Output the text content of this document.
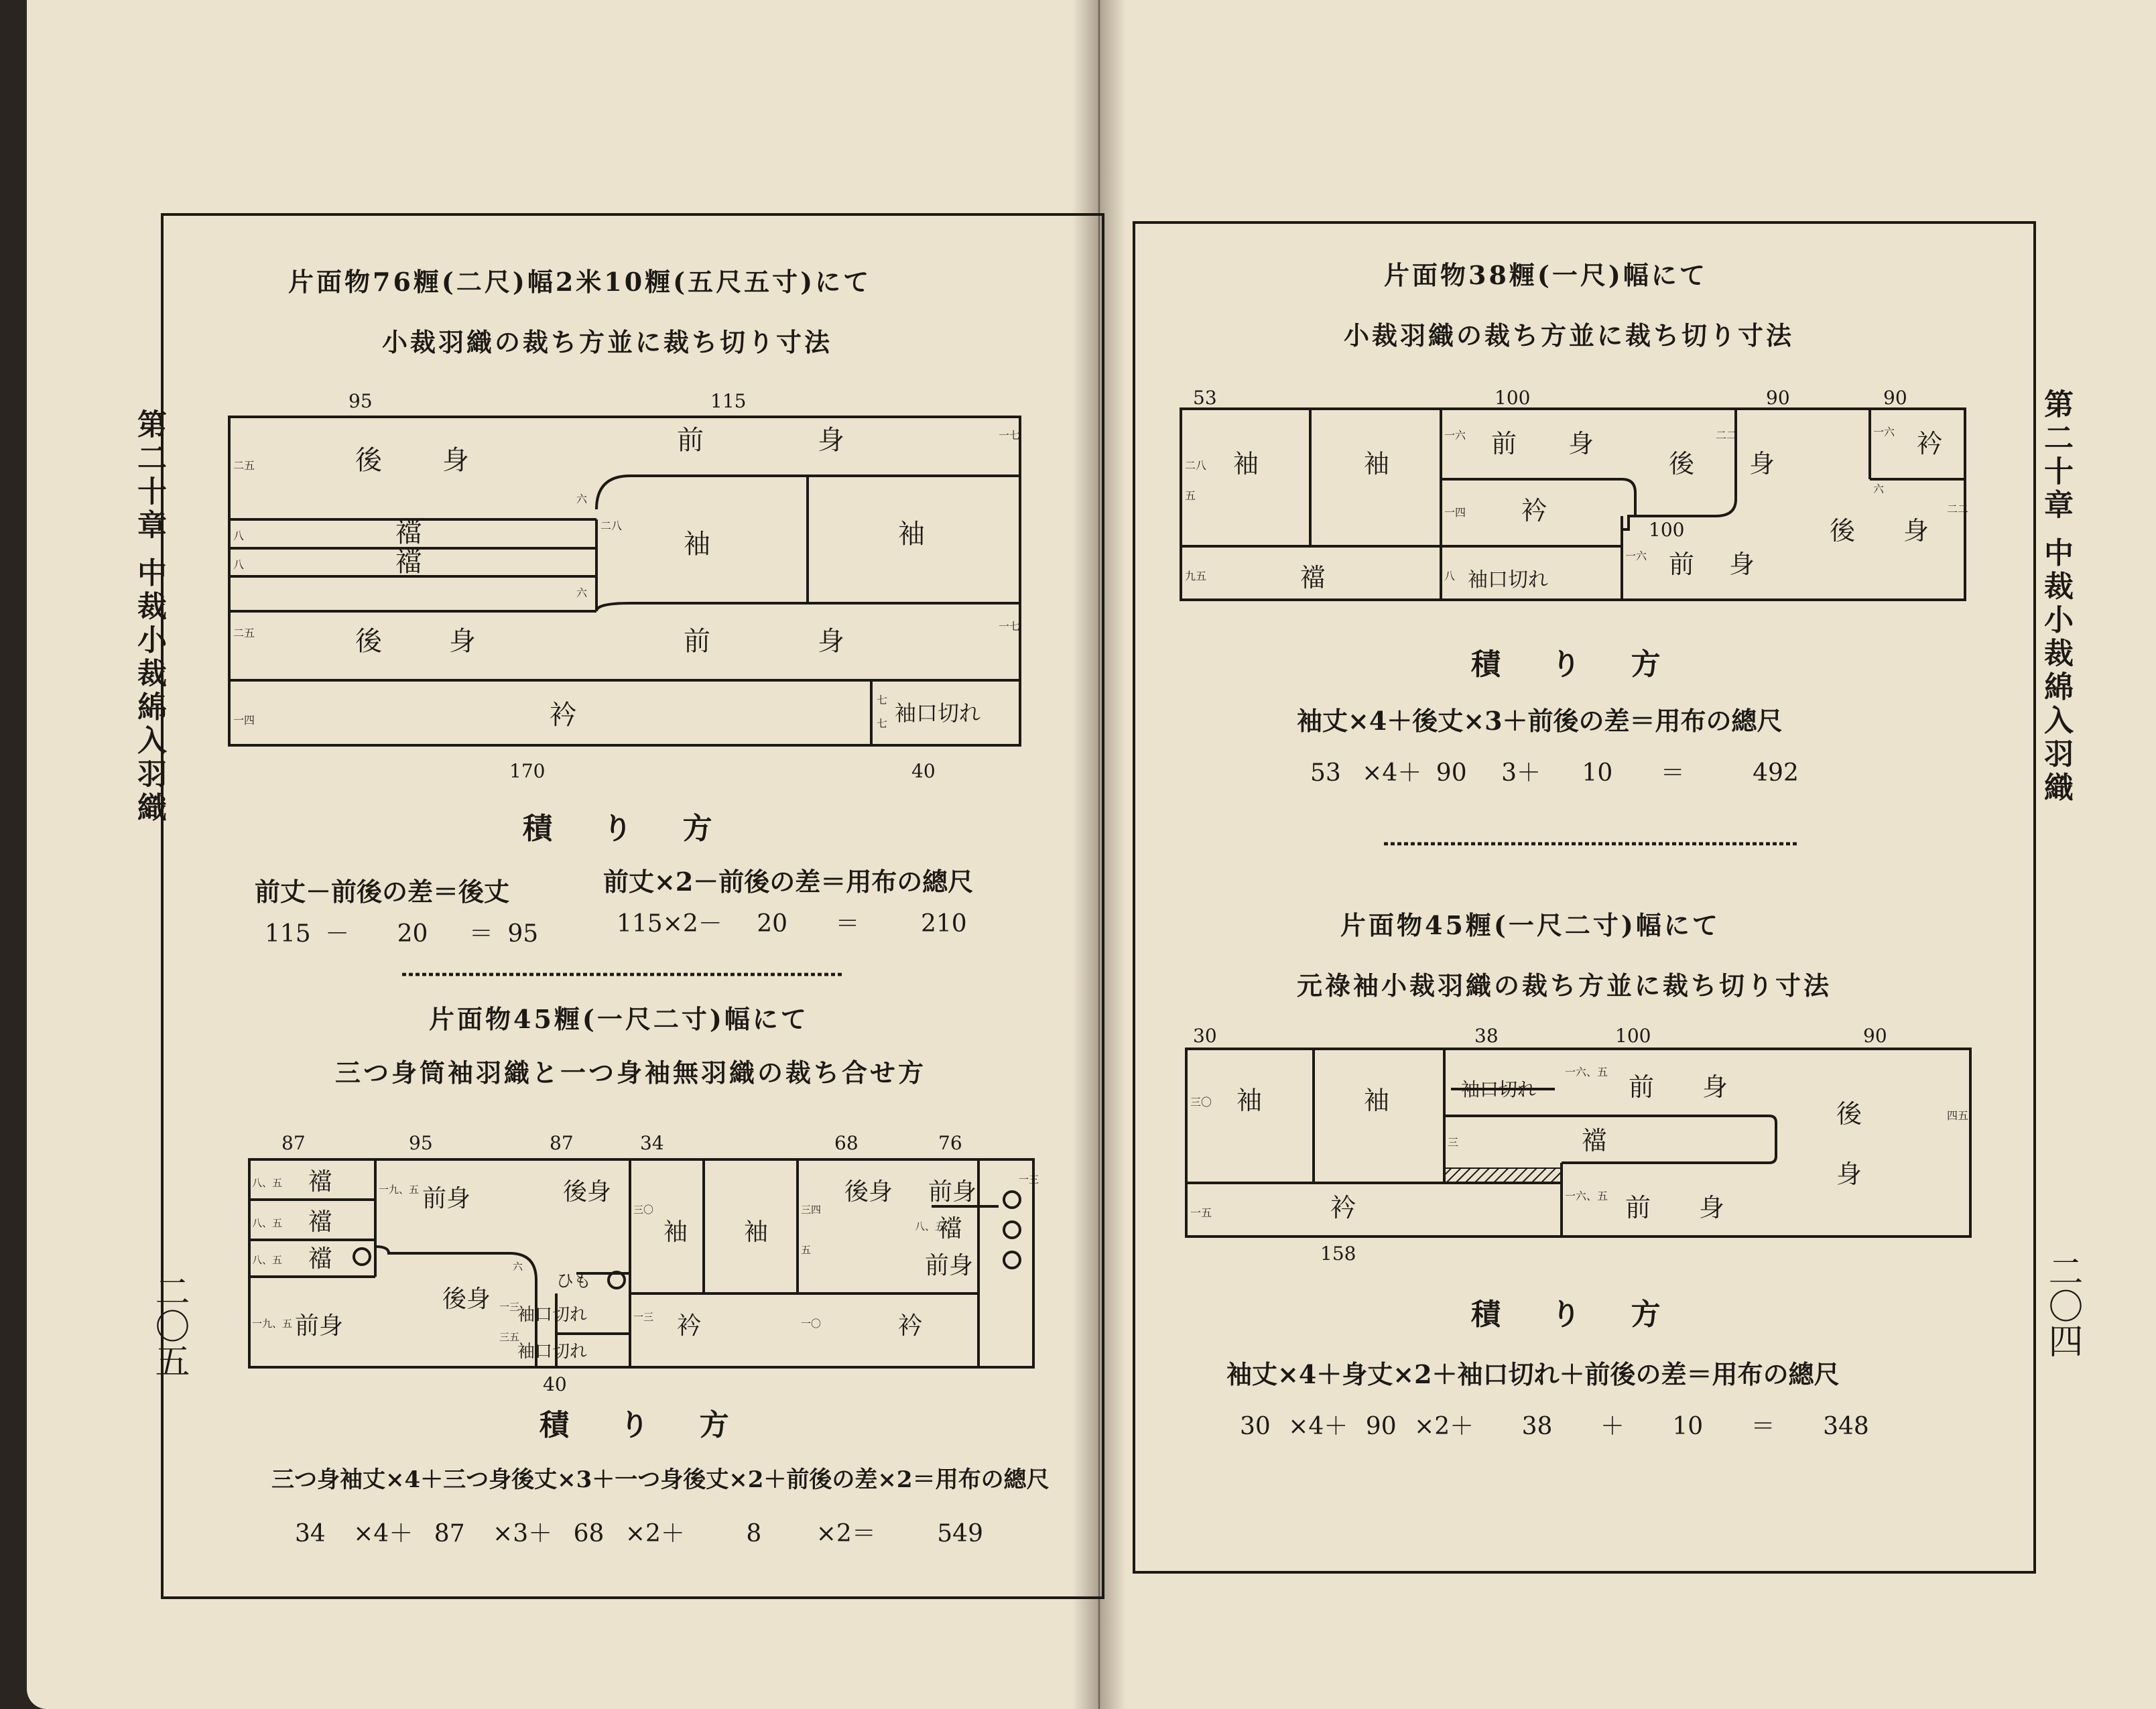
第二十章 中裁小裁綿入羽織
二〇五
片面物76糎(二尺)幅2米10糎(五尺五寸)にて
小裁羽織の裁ち方並に裁ち切り寸法
95	115
170	40
後 身
前	身
襠
襠
袖	袖
後	身	前	身
衿	袖口切れ
二五
八
八
二五
一四
一七
一七
二八
六
六
七
七
積 り 方
前丈－前後の差＝後丈	前丈×2－前後の差＝用布の總尺
115 － 20 ＝ 95	115×2－ 20 ＝	210
片面物45糎(一尺二寸)幅にて
三つ身筒袖羽織と一つ身袖無羽織の裁ち合せ方
87	95	87	34	68	76
40
襠
襠
襠
前身	後身
後身
袖 袖
後身 前身
襠
前身
衿	衿
前身
ひも
袖口切れ
袖口切れ
八、五
八、五
八、五
一九、五
一九、五
三〇	三四
五
六
一三
三五
一三
一〇
八、五
一三
積 り 方
三つ身袖丈×4＋三つ身後丈×3＋一つ身後丈×2＋前後の差×2＝用布の總尺
34 ×4＋ 87 ×3＋ 68 ×2＋	8 ×2＝	549
第二十章 中裁小裁綿入羽織
二〇四
片面物38糎(一尺)幅にて
小裁羽織の裁ち方並に裁ち切り寸法
53	100	90	90
100
袖	袖
前 身
後 身
衿
衿
後 身
襠	袖口切れ
前 身
二八
五
九五
一六
一四
一六
一六
二二
二二
六
八
積 り 方
袖丈×4＋後丈×3＋前後の差＝用布の總尺
53 ×4＋ 90 3＋ 10 ＝	492
片面物45糎(一尺二寸)幅にて
元祿袖小裁羽織の裁ち方並に裁ち切り寸法
30	38	100	90
158
袖	袖	袖口切れ	前 身
後
身
襠
衿	前 身
三〇
一六、五
四五
三
一五
一六、五
積 り 方
袖丈×4＋身丈×2＋袖口切れ＋前後の差＝用布の總尺
30 ×4＋ 90 ×2＋ 38 ＋ 10 ＝ 348
